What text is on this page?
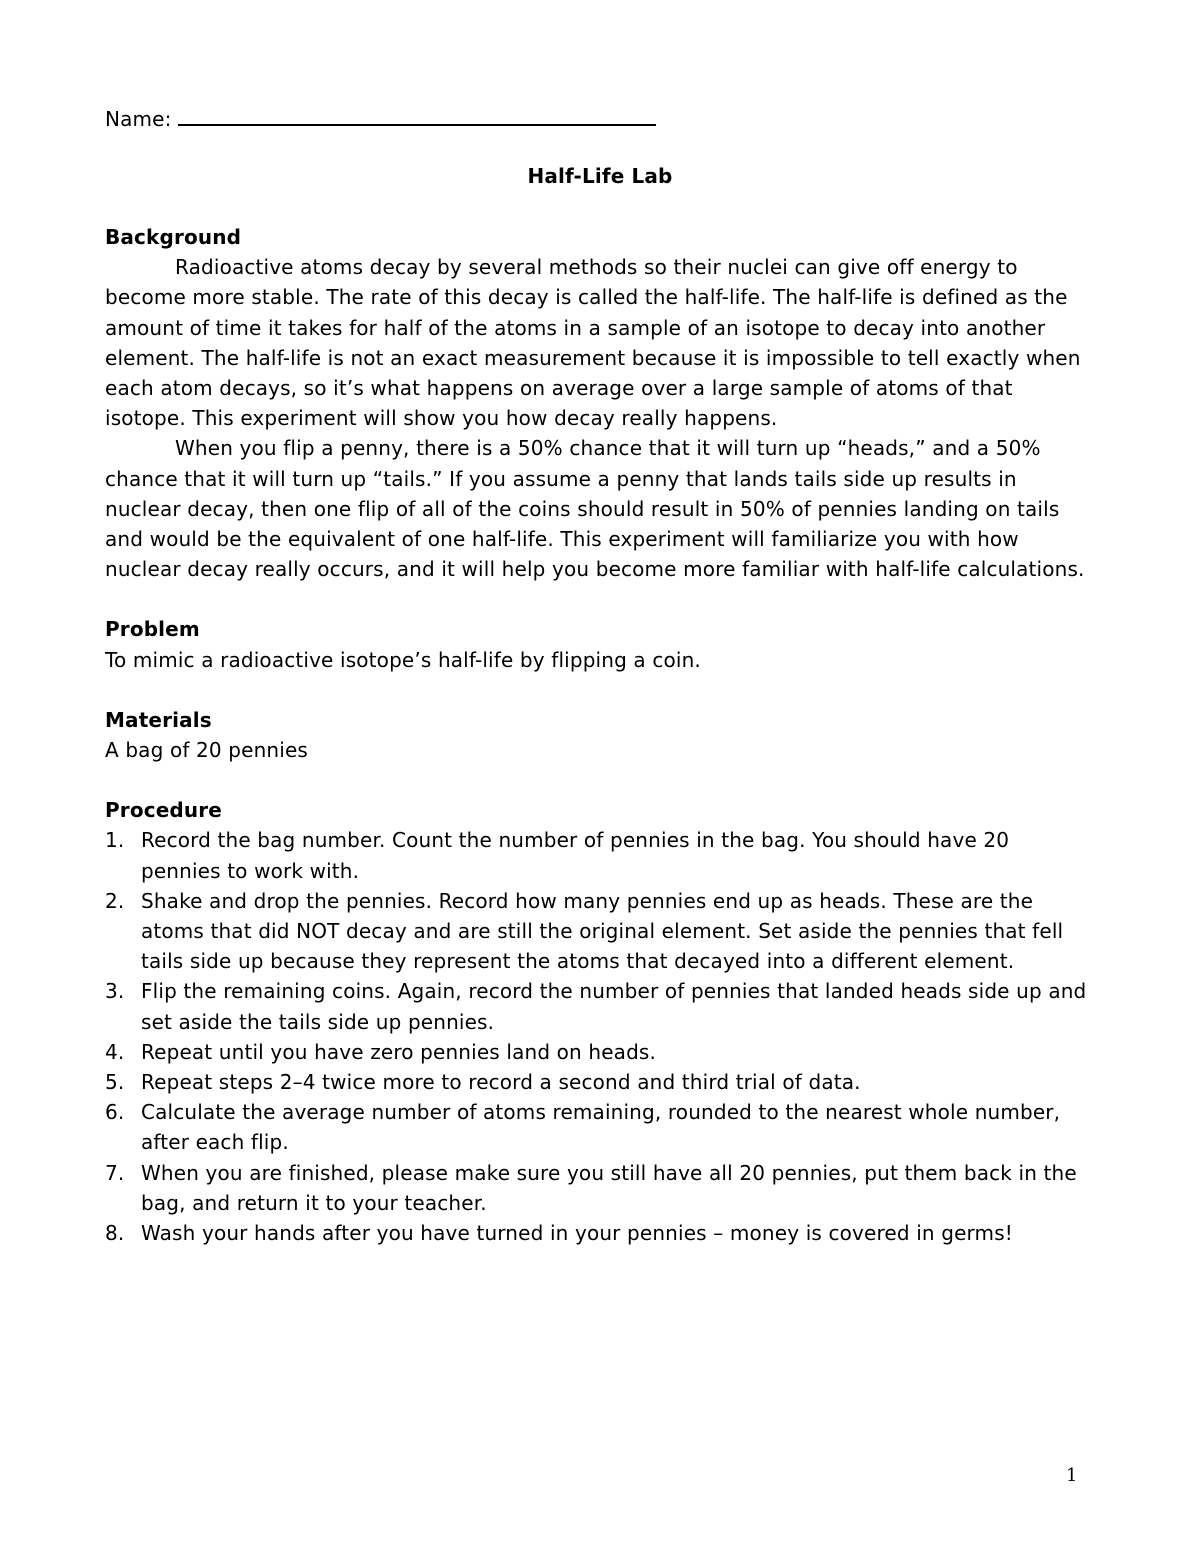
Name:
Half-Life Lab

Background

Radioactive atoms decay by several methods so their nuclei can give off energy to become more stable. The rate of this decay is called the half-life. The half-life is defined as the amount of time it takes for half of the atoms in a sample of an isotope to decay into another element. The half-life is not an exact measurement because it is impossible to tell exactly when each atom decays, so it’s what happens on average over a large sample of atoms of that isotope. This experiment will show you how decay really happens.

When you flip a penny, there is a 50% chance that it will turn up “heads,” and a 50% chance that it will turn up “tails.” If you assume a penny that lands tails side up results in nuclear decay, then one flip of all of the coins should result in 50% of pennies landing on tails and would be the equivalent of one half-life. This experiment will familiarize you with how nuclear decay really occurs, and it will help you become more familiar with half-life calculations.

Problem

To mimic a radioactive isotope’s half-life by flipping a coin.

Materials

A bag of 20 pennies

Procedure

1. Record the bag number. Count the number of pennies in the bag. You should have 20 pennies to work with.
2. Shake and drop the pennies. Record how many pennies end up as heads. These are the atoms that did NOT decay and are still the original element. Set aside the pennies that fell tails side up because they represent the atoms that decayed into a different element.
3. Flip the remaining coins. Again, record the number of pennies that landed heads side up and set aside the tails side up pennies.
4. Repeat until you have zero pennies land on heads.
5. Repeat steps 2–4 twice more to record a second and third trial of data.
6. Calculate the average number of atoms remaining, rounded to the nearest whole number, after each flip.
7. When you are finished, please make sure you still have all 20 pennies, put them back in the bag, and return it to your teacher.
8. Wash your hands after you have turned in your pennies – money is covered in germs!
1
